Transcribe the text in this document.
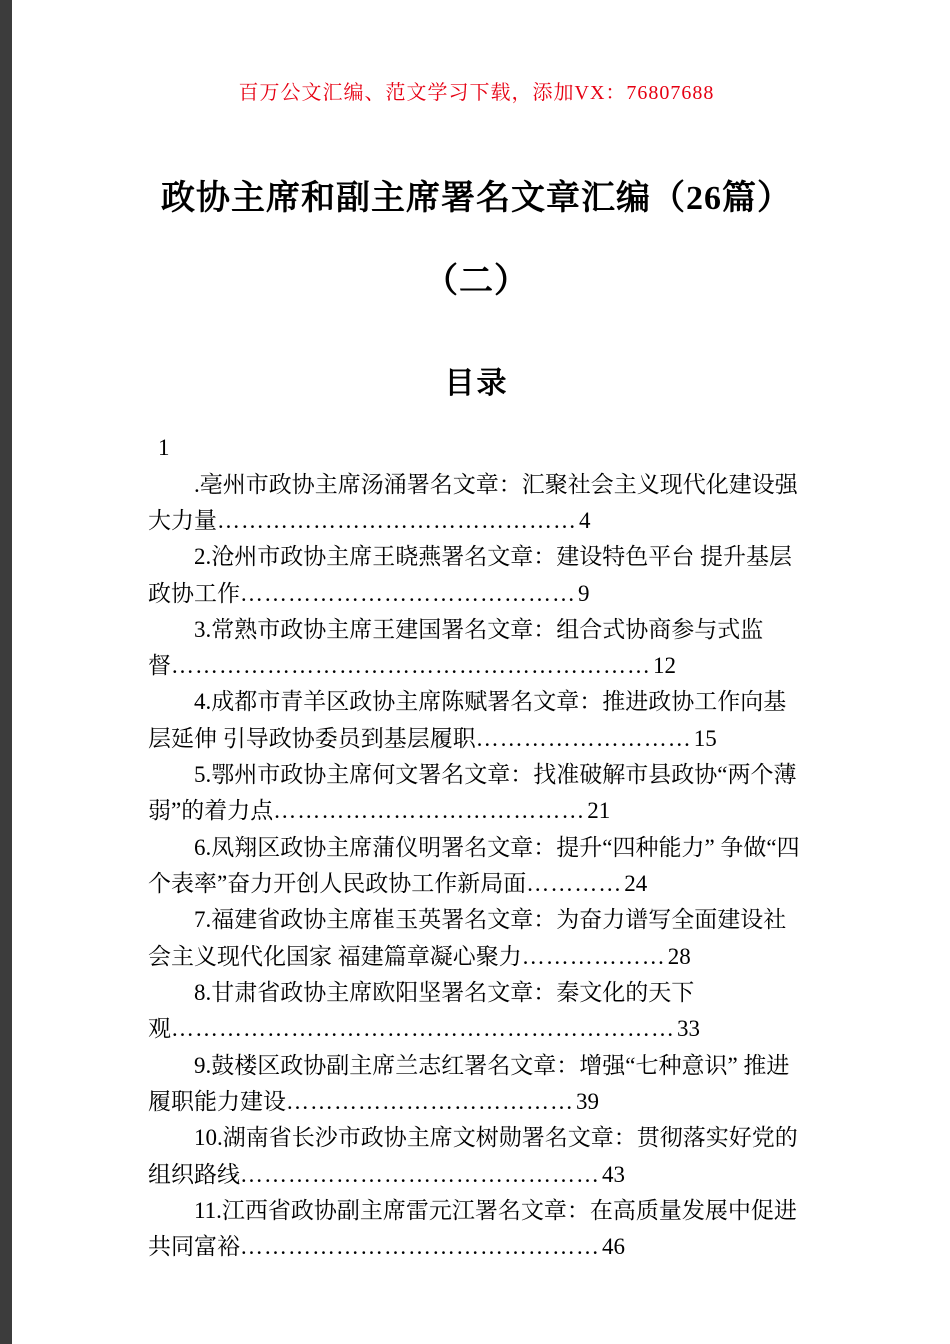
百万公文汇编、范文学习下载，添加VX：76807688
政协主席和副主席署名文章汇编（26篇）
（二）
目录
1

.亳州市政协主席汤涌署名文章：汇聚社会主义现代化建设强大力量………………………………………4

2.沧州市政协主席王晓燕署名文章：建设特色平台 提升基层政协工作……………………………………9

3.常熟市政协主席王建国署名文章：组合式协商参与式监督……………………………………………………12

4.成都市青羊区政协主席陈赋署名文章：推进政协工作向基层延伸 引导政协委员到基层履职………………………15

5.鄂州市政协主席何文署名文章：找准破解市县政协“两个薄弱”的着力点…………………………………21

6.凤翔区政协主席蒲仪明署名文章：提升“四种能力” 争做“四个表率”奋力开创人民政协工作新局面…………24

7.福建省政协主席崔玉英署名文章：为奋力谱写全面建设社会主义现代化国家 福建篇章凝心聚力………………28

8.甘肃省政协主席欧阳坚署名文章：秦文化的天下观………………………………………………………33

9.鼓楼区政协副主席兰志红署名文章：增强“七种意识” 推进履职能力建设………………………………39

10.湖南省长沙市政协主席文树勋署名文章：贯彻落实好党的组织路线………………………………………43

11.江西省政协副主席雷元江署名文章：在高质量发展中促进共同富裕………………………………………46
